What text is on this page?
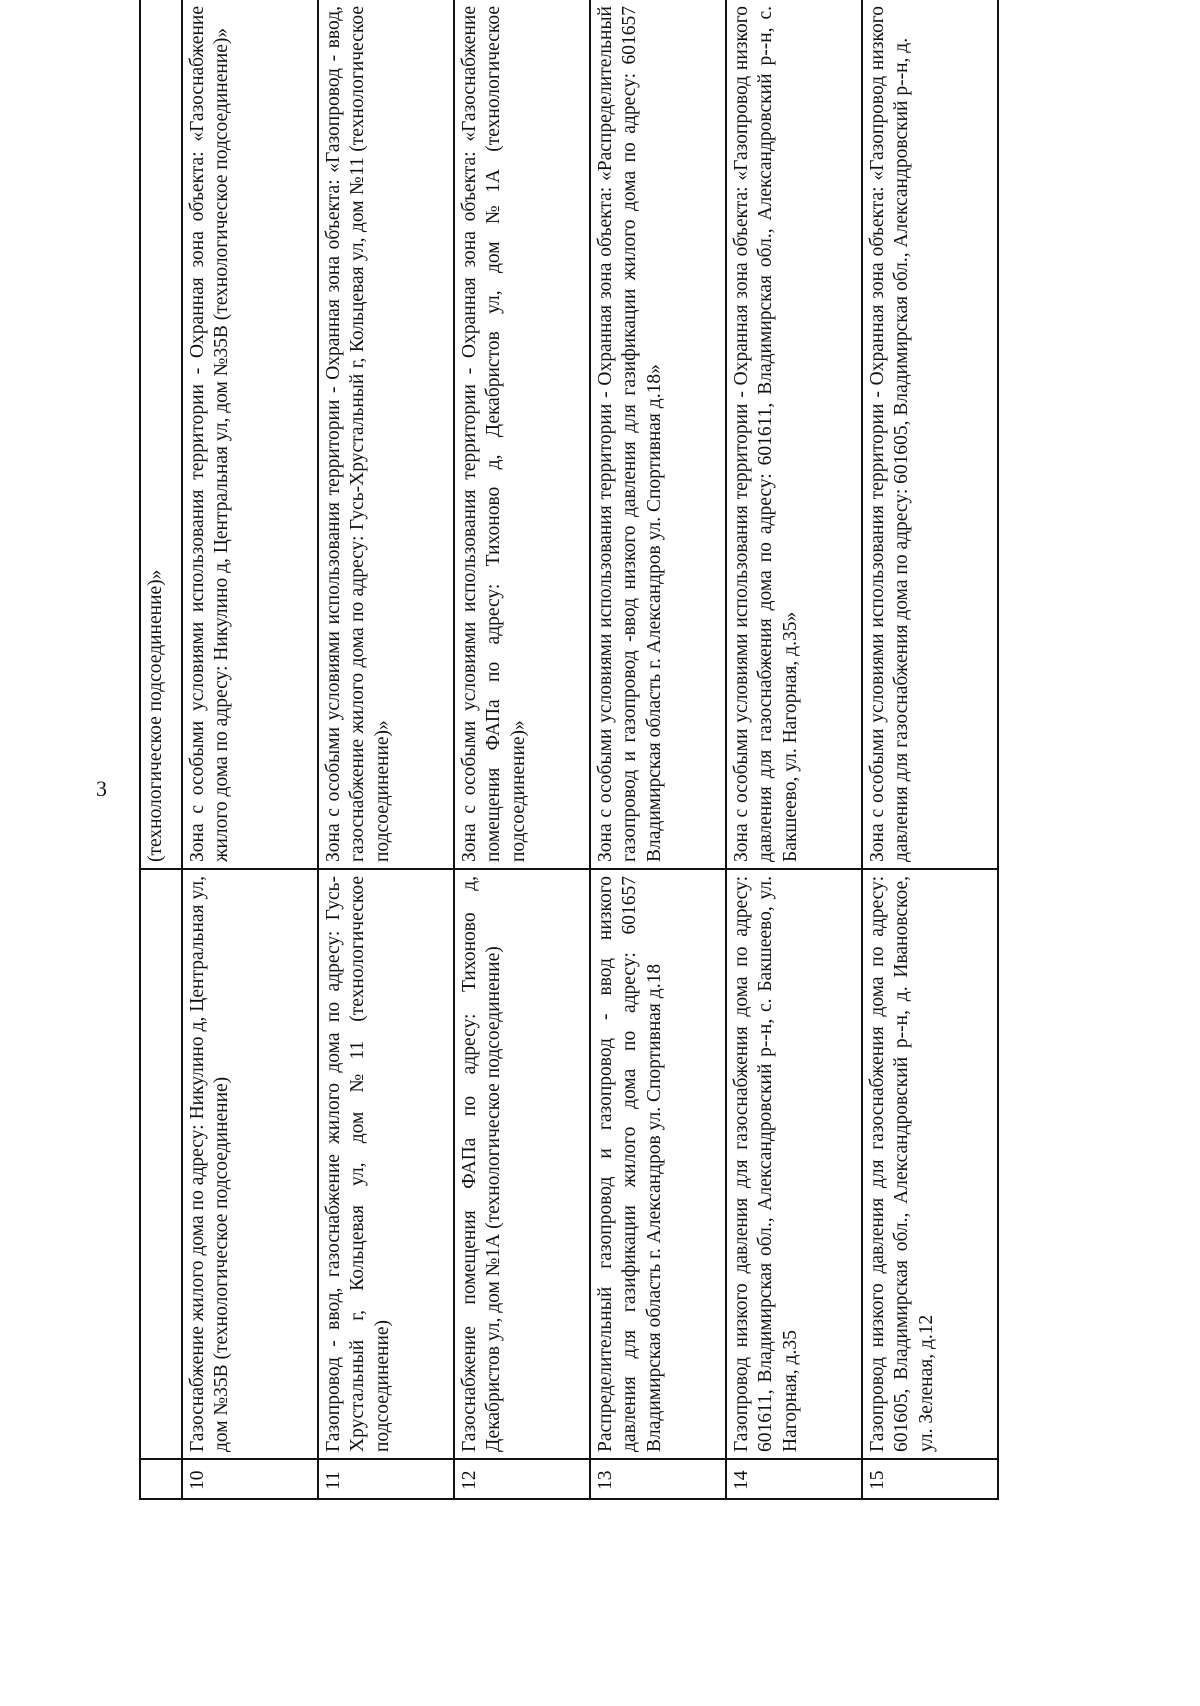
3
		(технологическое подсоединение)»
10	Газоснабжение жилого дома по адресу: Никулино д, Центральная ул, дом №35В (технологическое подсоединение)	Зона с особыми условиями использования территории - Охранная зона объекта: «Газоснабжение жилого дома по адресу: Никулино д, Центральная ул, дом №35В (технологическое подсоединение)»
11	Газопровод - ввод, газоснабжение жилого дома по адресу: Гусь-Хрустальный г, Кольцевая ул, дом №11 (технологическое подсоединение)	Зона с особыми условиями использования территории - Охранная зона объекта: «Газопровод - ввод, газоснабжение жилого дома по адресу: Гусь-Хрустальный г, Кольцевая ул, дом №11 (технологическое подсоединение)»
12	Газоснабжение помещения ФАПа по адресу: Тихоново д, Декабристов ул, дом №1А (технологическое подсоединение)	Зона с особыми условиями использования территории - Охранная зона объекта: «Газоснабжение помещения ФАПа по адресу: Тихоново д, Декабристов ул, дом №1А (технологическое подсоединение)»
13	Распределительный газопровод и газопровод - ввод низкого давления для газификации жилого дома по адресу: 601657 Владимирская область г. Александров ул. Спортивная д.18	Зона с особыми условиями использования территории - Охранная зона объекта: «Распределительный газопровод и газопровод -ввод низкого давления для газификации жилого дома по адресу: 601657 Владимирская область г. Александров ул. Спортивная д.18»
14	Газопровод низкого давления для газоснабжения дома по адресу: 601611, Владимирская обл., Александровский р--н, с. Бакшеево, ул. Нагорная, д.35	Зона с особыми условиями использования территории - Охранная зона объекта: «Газопровод низкого давления для газоснабжения дома по адресу: 601611, Владимирская обл., Александровский р--н, с. Бакшеево, ул. Нагорная, д.35»
15	Газопровод низкого давления для газоснабжения дома по адресу: 601605, Владимирская обл., Александровский р--н, д. Ивановское, ул. Зеленая, д.12	Зона с особыми условиями использования территории - Охранная зона объекта: «Газопровод низкого давления для газоснабжения дома по адресу: 601605, Владимирская обл., Александровский р--н, д.
